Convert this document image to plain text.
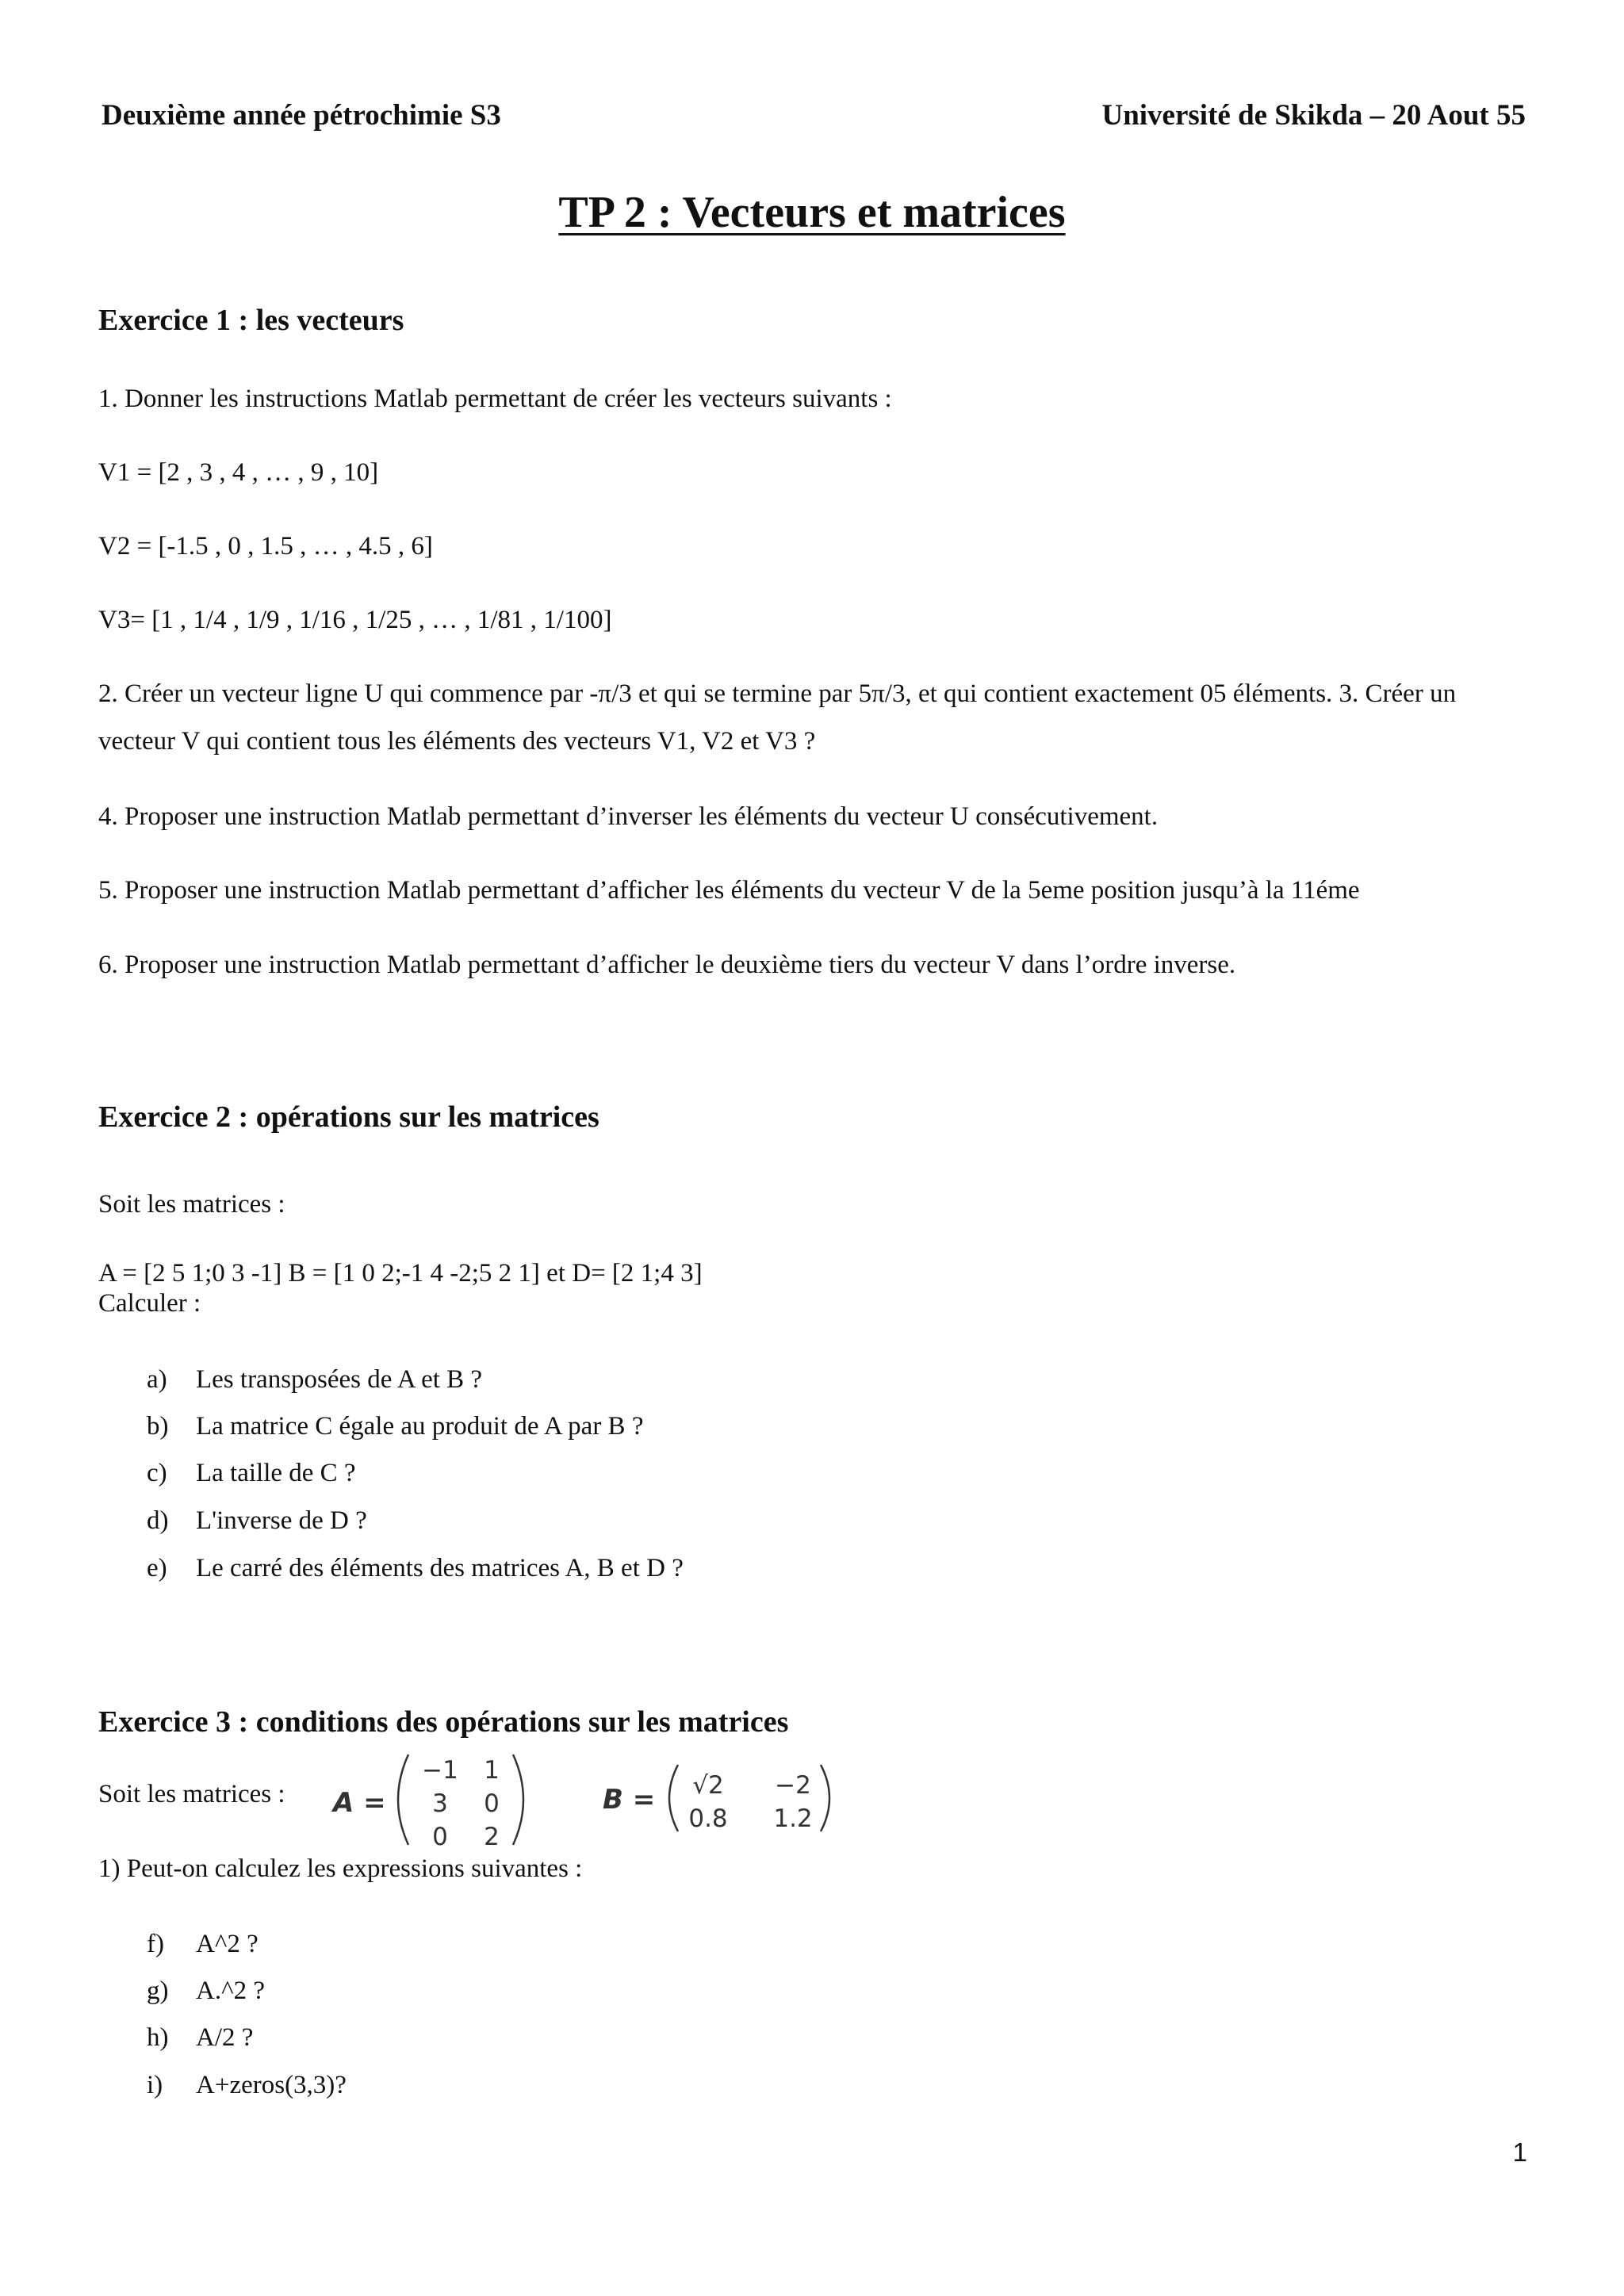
Deuxième année pétrochimie S3	Université de Skikda – 20 Aout 55
TP 2 : Vecteurs et matrices
Exercice 1 : les vecteurs
1. Donner les instructions Matlab permettant de créer les vecteurs suivants :
V1 = [2 , 3 , 4 , … , 9 , 10]
V2 = [-1.5 , 0 , 1.5 , … , 4.5 , 6]
V3= [1 , 1/4 , 1/9 , 1/16 , 1/25 , … , 1/81 , 1/100]
2. Créer un vecteur ligne U qui commence par -π/3 et qui se termine par 5π/3, et qui contient exactement 05 éléments. 3. Créer un vecteur V qui contient tous les éléments des vecteurs V1, V2 et V3 ?
4. Proposer une instruction Matlab permettant d’inverser les éléments du vecteur U consécutivement.
5. Proposer une instruction Matlab permettant d’afficher les éléments du vecteur V de la 5eme position jusqu’à la 11éme
6. Proposer une instruction Matlab permettant d’afficher le deuxième tiers du vecteur V dans l’ordre inverse.
Exercice 2 : opérations sur les matrices
Soit les matrices :
A = [2 5 1;0 3 -1] B = [1 0 2;-1 4 -2;5 2 1] et D= [2 1;4 3]
Calculer :
a) Les transposées de A et B ?
b) La matrice C égale au produit de A par B ?
c) La taille de C ?
d) L'inverse de D ?
e) Le carré des éléments des matrices A, B et D ?
Exercice 3 : conditions des opérations sur les matrices
Soit les matrices : A =
−1 1
3 0
0 2
B = √2 −2
0.8 1.2
1) Peut-on calculez les expressions suivantes :
f) A^2 ?
g) A.^2 ?
h) A/2 ?
i) A+zeros(3,3)?
1
